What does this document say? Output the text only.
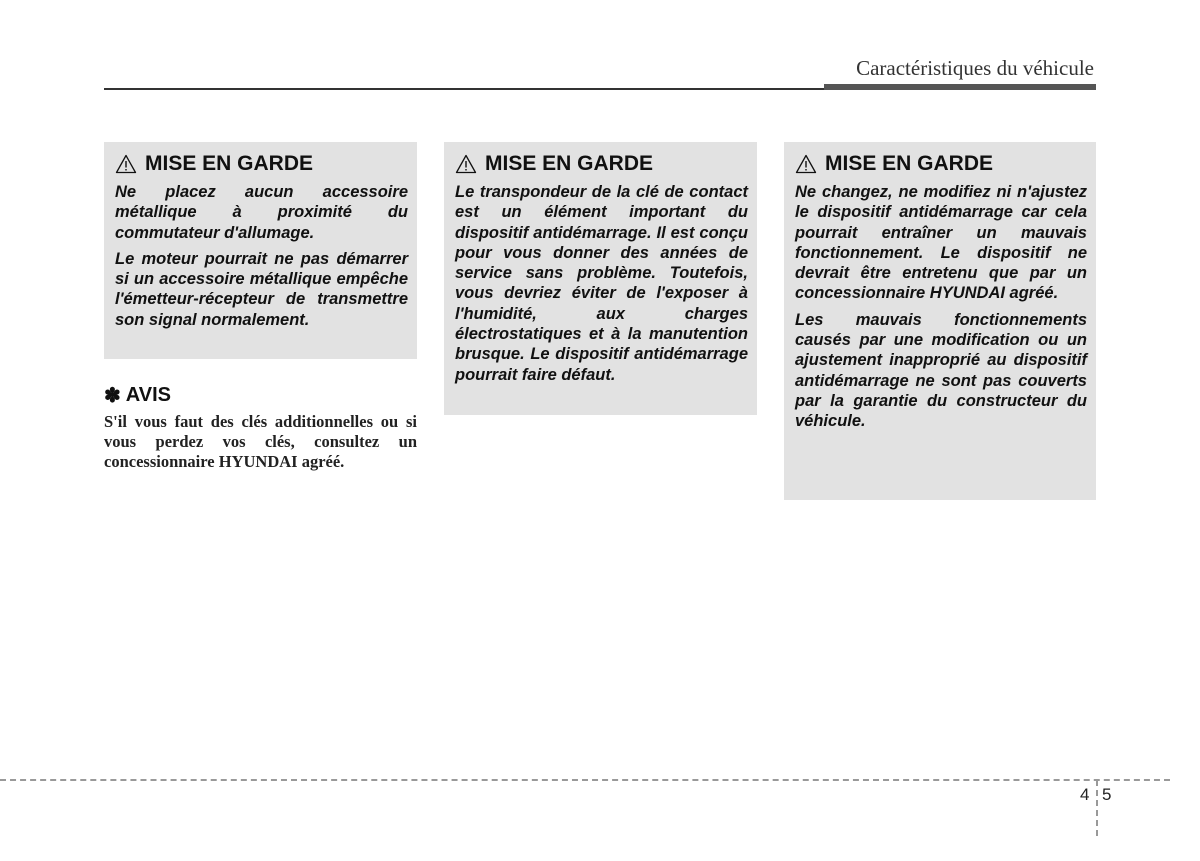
Caractéristiques du véhicule
MISE EN GARDE

Ne placez aucun accessoire métallique à proximité du commutateur d'allumage.

Le moteur pourrait ne pas démarrer si un accessoire métallique empêche l'émetteur-récepteur de transmettre son signal normalement.

MISE EN GARDE

Le transpondeur de la clé de contact est un élément important du dispositif antidémarrage. Il est conçu pour vous donner des années de service sans problème. Toutefois, vous devriez éviter de l'exposer à l'humidité, aux charges électrostatiques et à la manutention brusque. Le dispositif antidémarrage pourrait faire défaut.

MISE EN GARDE

Ne changez, ne modifiez ni n'ajustez le dispositif antidémarrage car cela pourrait entraîner un mauvais fonctionnement. Le dispositif ne devrait être entretenu que par un concessionnaire HYUNDAI agréé.

Les mauvais fonctionnements causés par une modification ou un ajustement inapproprié au dispositif antidémarrage ne sont pas couverts par la garantie du constructeur du véhicule.

✽ AVIS

S'il vous faut des clés additionnelles ou si vous perdez vos clés, consultez un concessionnaire HYUNDAI agréé.

4 5
